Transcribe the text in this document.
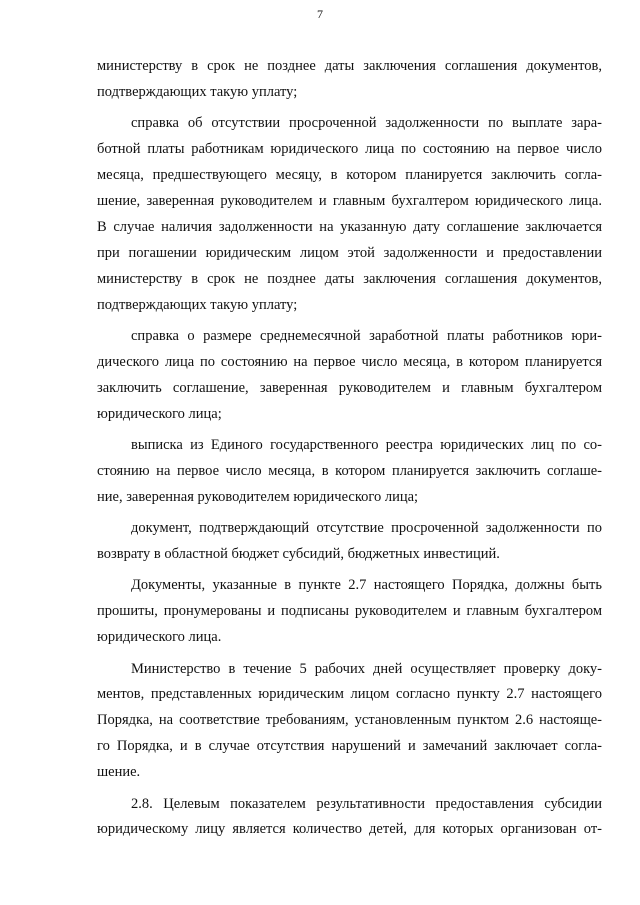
7
министерству в срок не позднее даты заключения соглашения документов,
подтверждающих такую уплату;
справка об отсутствии просроченной задолженности по выплате зара-
ботной платы работникам юридического лица по состоянию на первое число
месяца, предшествующего месяцу, в котором планируется заключить согла-
шение, заверенная руководителем и главным бухгалтером юридического лица.
В случае наличия задолженности на указанную дату соглашение заключается
при погашении юридическим лицом этой задолженности и предоставлении
министерству в срок не позднее даты заключения соглашения документов,
подтверждающих такую уплату;
справка о размере среднемесячной заработной платы работников юри-
дического лица по состоянию на первое число месяца, в котором планируется
заключить соглашение, заверенная руководителем и главным бухгалтером
юридического лица;
выписка из Единого государственного реестра юридических лиц по со-
стоянию на первое число месяца, в котором планируется заключить соглаше-
ние, заверенная руководителем юридического лица;
документ, подтверждающий отсутствие просроченной задолженности по
возврату в областной бюджет субсидий, бюджетных инвестиций.
Документы, указанные в пункте 2.7 настоящего Порядка, должны быть
прошиты, пронумерованы и подписаны руководителем и главным бухгалтером
юридического лица.
Министерство в течение 5 рабочих дней осуществляет проверку доку-
ментов, представленных юридическим лицом согласно пункту 2.7 настоящего
Порядка, на соответствие требованиям, установленным пунктом 2.6 настояще-
го Порядка, и в случае отсутствия нарушений и замечаний заключает согла-
шение.
2.8. Целевым показателем результативности предоставления субсидии
юридическому лицу является количество детей, для которых организован от-
